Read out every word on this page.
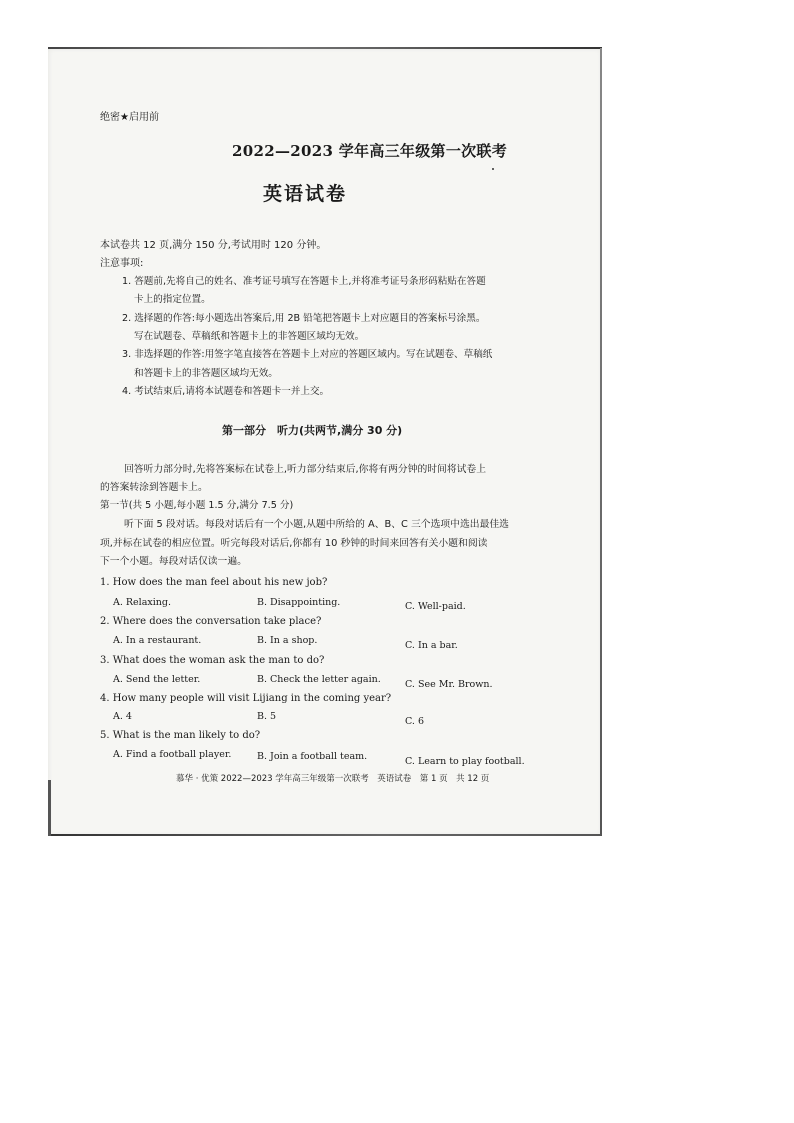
绝密★启用前
2022—2023 学年高三年级第一次联考
英语试卷
本试卷共 12 页,满分 150 分,考试用时 120 分钟。
注意事项:
1. 答题前,先将自己的姓名、准考证号填写在答题卡上,并将准考证号条形码粘贴在答题
卡上的指定位置。
2. 选择题的作答:每小题选出答案后,用 2B 铅笔把答题卡上对应题目的答案标号涂黑。
写在试题卷、草稿纸和答题卡上的非答题区域均无效。
3. 非选择题的作答:用签字笔直接答在答题卡上对应的答题区域内。写在试题卷、草稿纸
和答题卡上的非答题区域均无效。
4. 考试结束后,请将本试题卷和答题卡一并上交。
第一部分　听力(共两节,满分 30 分)
回答听力部分时,先将答案标在试卷上,听力部分结束后,你将有两分钟的时间将试卷上
的答案转涂到答题卡上。
第一节(共 5 小题,每小题 1.5 分,满分 7.5 分)
听下面 5 段对话。每段对话后有一个小题,从题中所给的 A、B、C 三个选项中选出最佳选
项,并标在试卷的相应位置。听完每段对话后,你都有 10 秒钟的时间来回答有关小题和阅读
下一个小题。每段对话仅读一遍。
1. How does the man feel about his new job?
A. Relaxing.	B. Disappointing.	C. Well-paid.
2. Where does the conversation take place?
A. In a restaurant.	B. In a shop.	C. In a bar.
3. What does the woman ask the man to do?
A. Send the letter.	B. Check the letter again.	C. See Mr. Brown.
4. How many people will visit Lijiang in the coming year?
A. 4	B. 5	C. 6
5. What is the man likely to do?
A. Find a football player.	B. Join a football team.	C. Learn to play football.
慕华 · 优策 2022—2023 学年高三年级第一次联考　英语试卷　第 1 页　共 12 页
